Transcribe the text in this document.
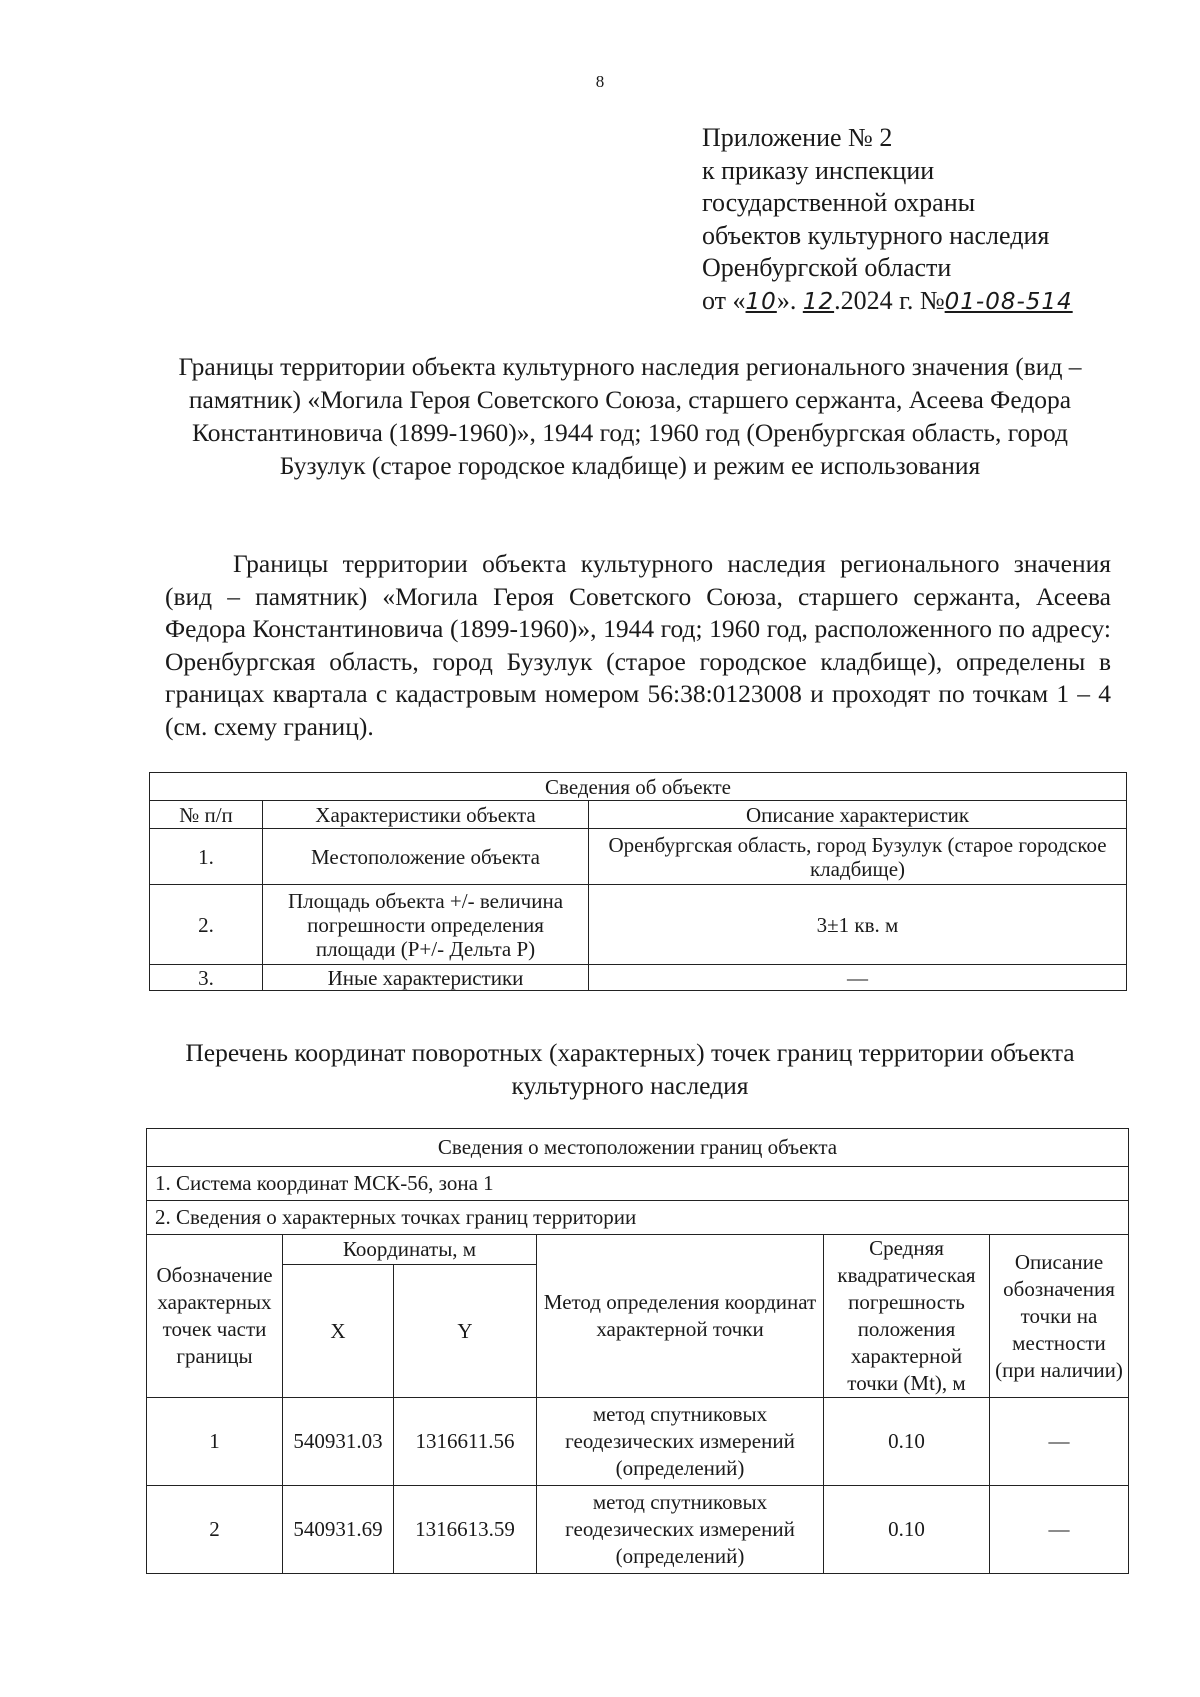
8
Приложение № 2
к приказу инспекции
государственной охраны
объектов культурного наследия
Оренбургской области
от «10». 12.2024 г. №01-08-514
Границы территории объекта культурного наследия регионального значения (вид – памятник) «Могила Героя Советского Союза, старшего сержанта, Асеева Федора Константиновича (1899-1960)», 1944 год; 1960 год (Оренбургская область, город Бузулук (старое городское кладбище) и режим ее использования
Границы территории объекта культурного наследия регионального значения (вид – памятник) «Могила Героя Советского Союза, старшего сержанта, Асеева Федора Константиновича (1899-1960)», 1944 год; 1960 год, расположенного по адресу: Оренбургская область, город Бузулук (старое городское кладбище), определены в границах квартала с кадастровым номером 56:38:0123008 и проходят по точкам 1 – 4 (см. схему границ).
Сведения об объекте		
№ п/п	Характеристики объекта	Описание характеристик
1.	Местоположение объекта	Оренбургская область, город Бузулук (старое городское кладбище)
2.	Площадь объекта +/- величина погрешности определения площади (Р+/- Дельта Р)	3±1 кв. м
3.	Иные характеристики	—
Перечень координат поворотных (характерных) точек границ территории объекта культурного наследия
Сведения о местоположении границ объекта					
1. Система координат МСК-56, зона 1					
2. Сведения о характерных точках границ территории					
Обозначение характерных точек части границы	Координаты, м		Метод определения координат характерной точки	Средняя квадратическая погрешность положения характерной точки (Mt), м	Описание обозначения точки на местности (при наличии)
	X	Y			
1	540931.03	1316611.56	метод спутниковых геодезических измерений (определений)	0.10	—
2	540931.69	1316613.59	метод спутниковых геодезических измерений (определений)	0.10	—
